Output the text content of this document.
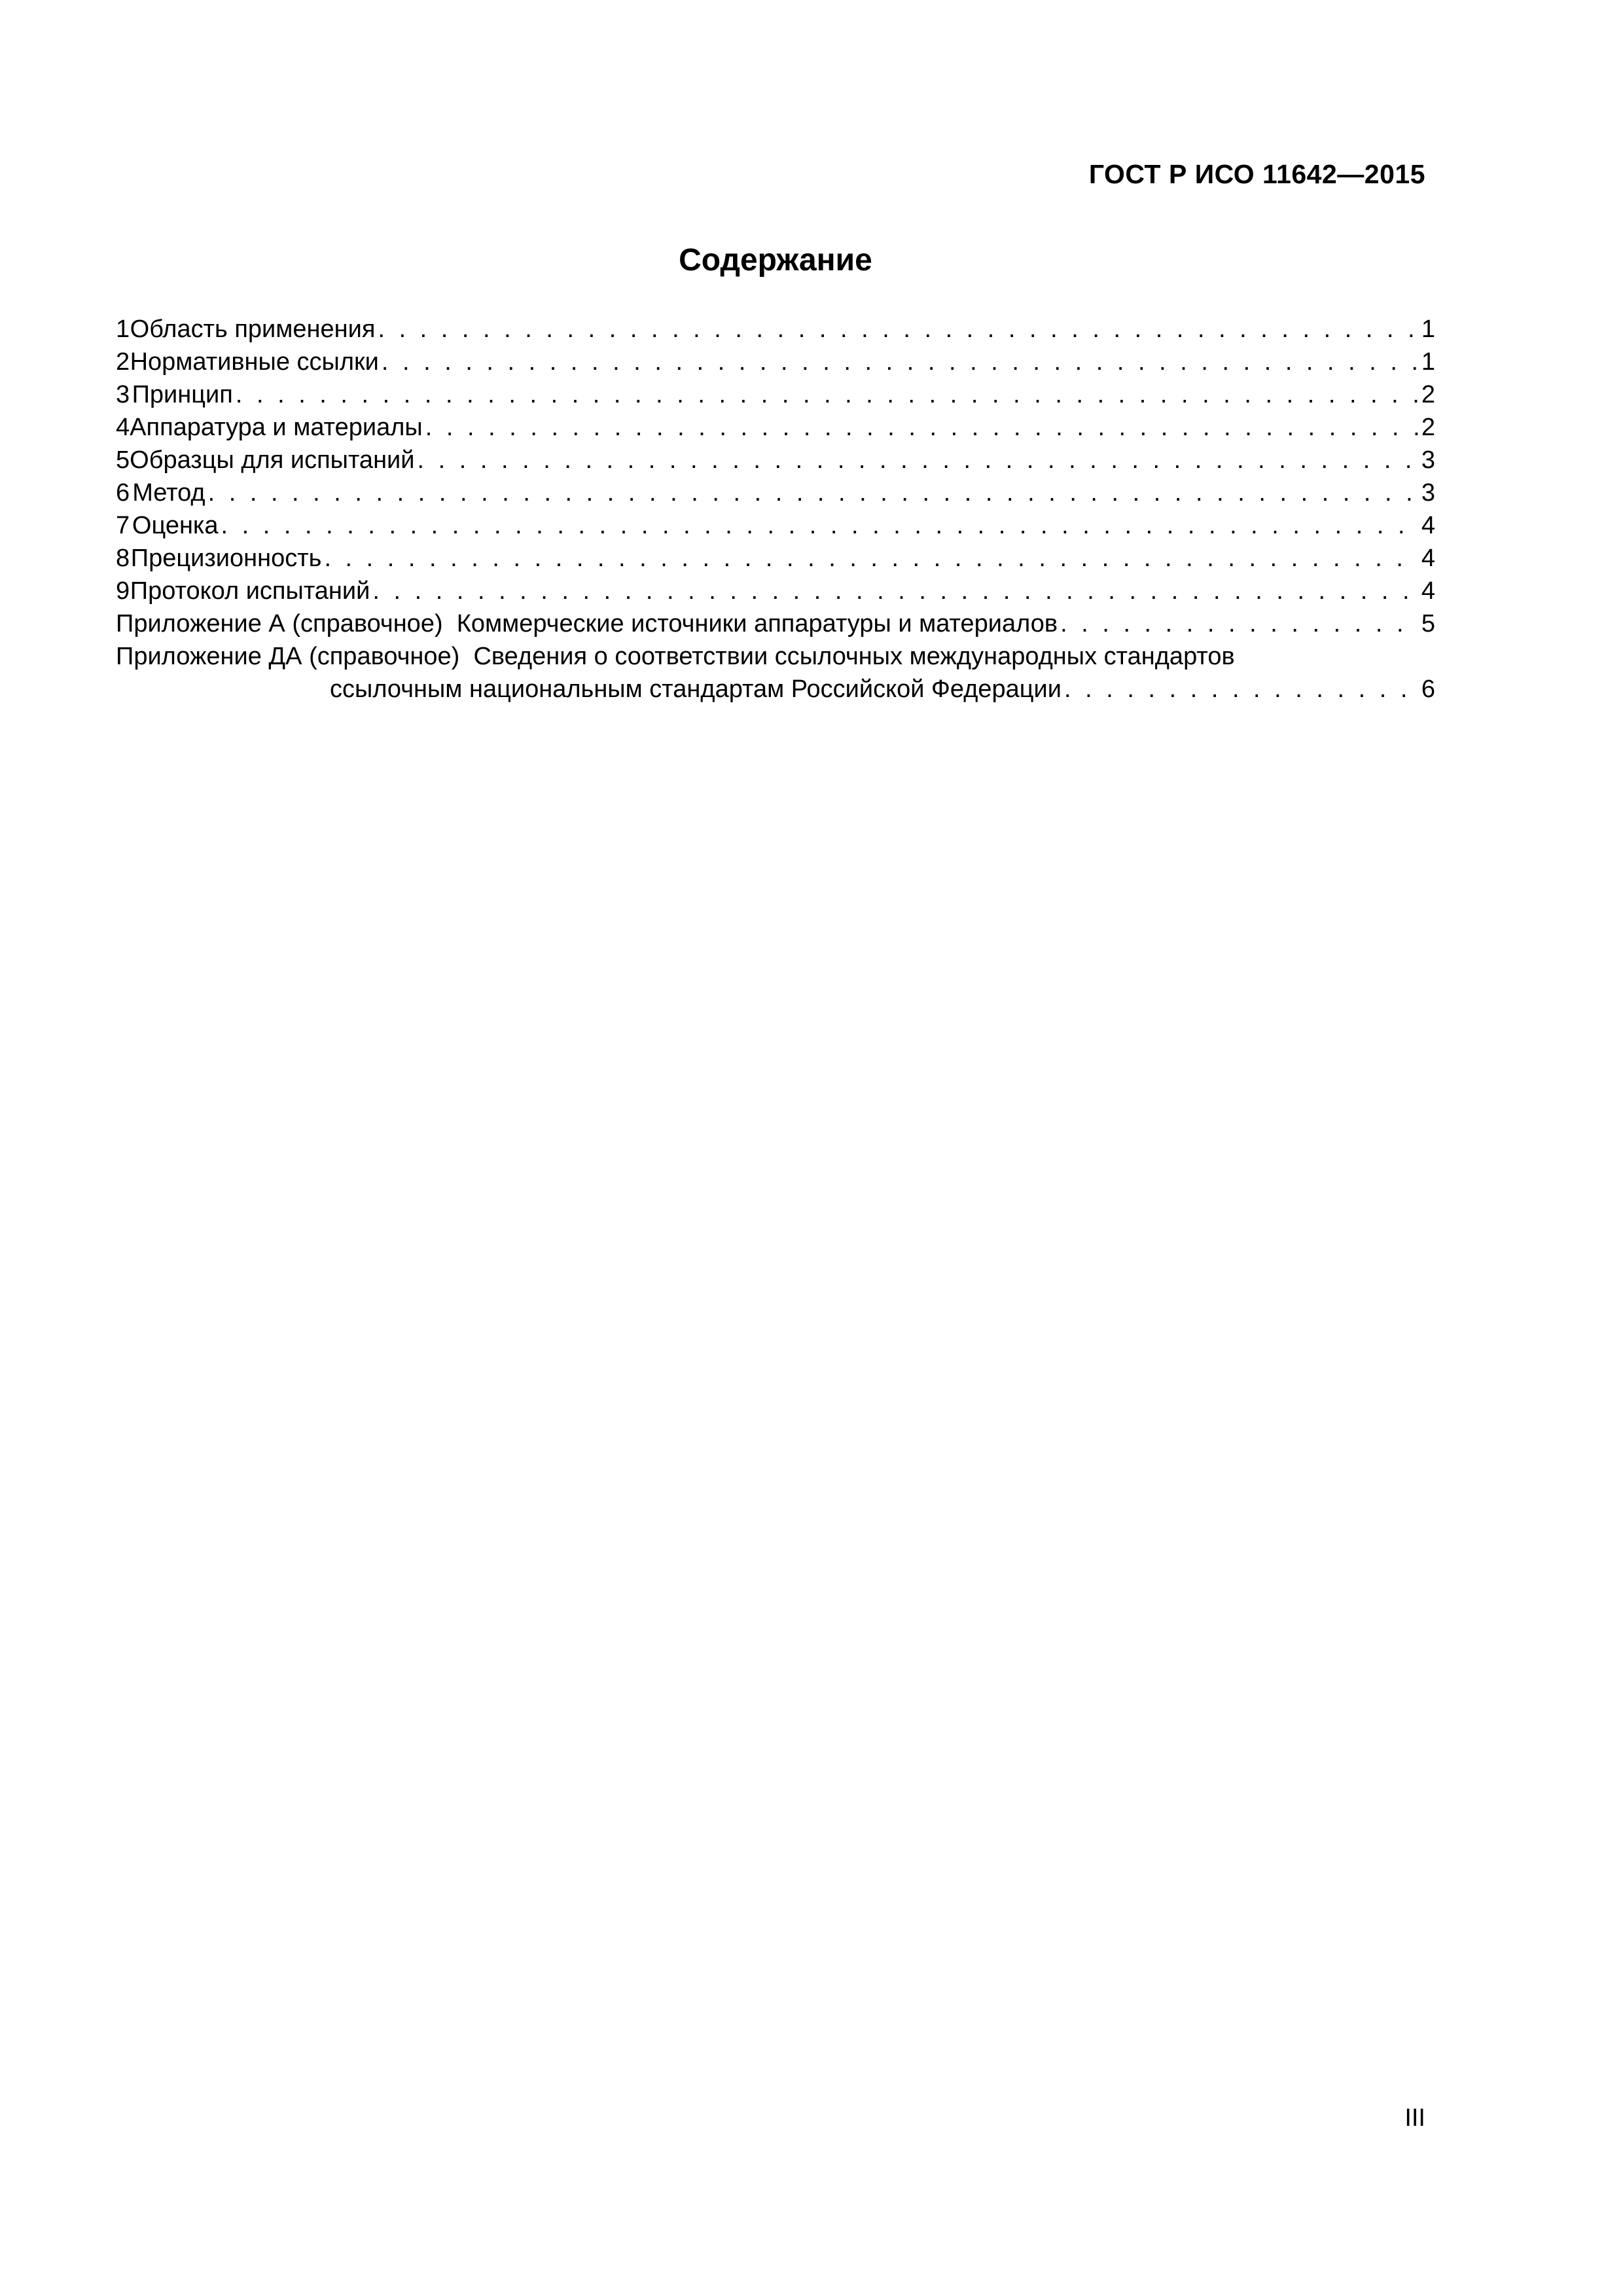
ГОСТ Р ИСО 11642—2015
Содержание
1 Область применения . . .	1
2 Нормативные ссылки . . .	1
3 Принцип . . .	2
4 Аппаратура и материалы . . .	2
5 Образцы для испытаний . . .	3
6 Метод . . .	3
7 Оценка . . .	4
8 Прецизионность . . .	4
9 Протокол испытаний . . .	4
Приложение А (справочное) Коммерческие источники аппаратуры и материалов . . .	5
Приложение ДА (справочное) Сведения о соответствии ссылочных международных стандартов
ссылочным национальным стандартам Российской Федерации . . .	6
III
